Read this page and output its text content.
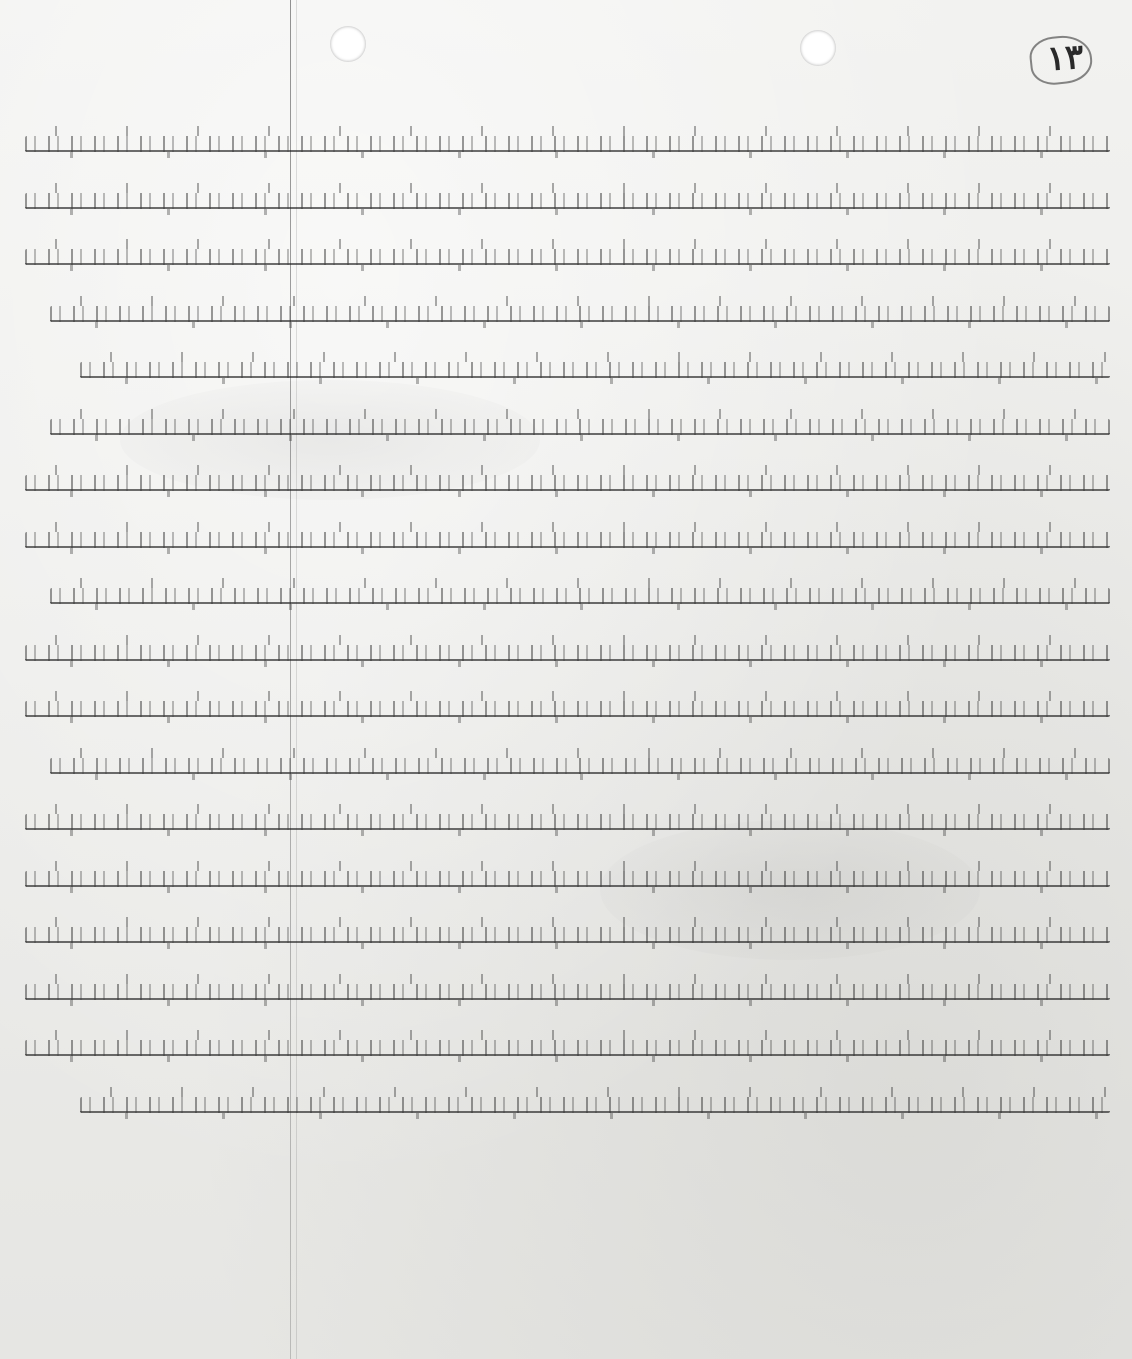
۱۳
